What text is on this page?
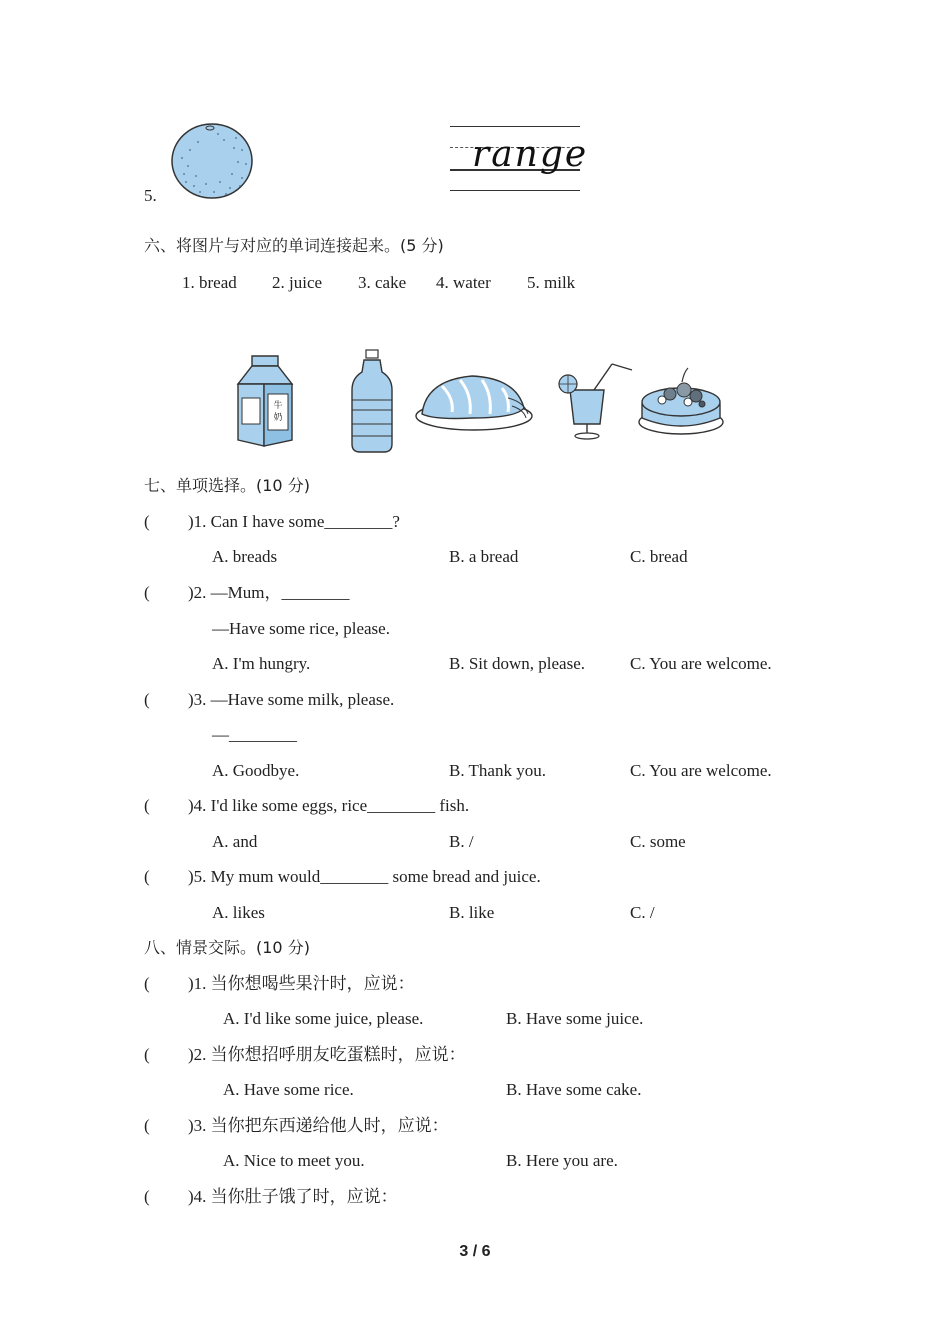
5.
range
六、将图片与对应的单词连接起来。(5 分)
1. bread 2. juice 3. cake 4. water 5. milk
牛奶
七、单项选择。(10 分)
( )1. Can I have some________?
A. breads	B. a bread	C. bread
( )2. —Mum，________
—Have some rice, please.
A. I'm hungry.	B. Sit down, please.	C. You are welcome.
( )3. —Have some milk, please.
—________
A. Goodbye.	B. Thank you.	C. You are welcome.
( )4. I'd like some eggs, rice________ fish.
A. and	B. /	C. some
( )5. My mum would________ some bread and juice.
A. likes	B. like	C. /
八、情景交际。(10 分)
( )1. 当你想喝些果汁时，应说：
A. I'd like some juice, please.	B. Have some juice.
( )2. 当你想招呼朋友吃蛋糕时，应说：
A. Have some rice.	B. Have some cake.
( )3. 当你把东西递给他人时，应说：
A. Nice to meet you.	B. Here you are.
( )4. 当你肚子饿了时，应说：
3 / 6
